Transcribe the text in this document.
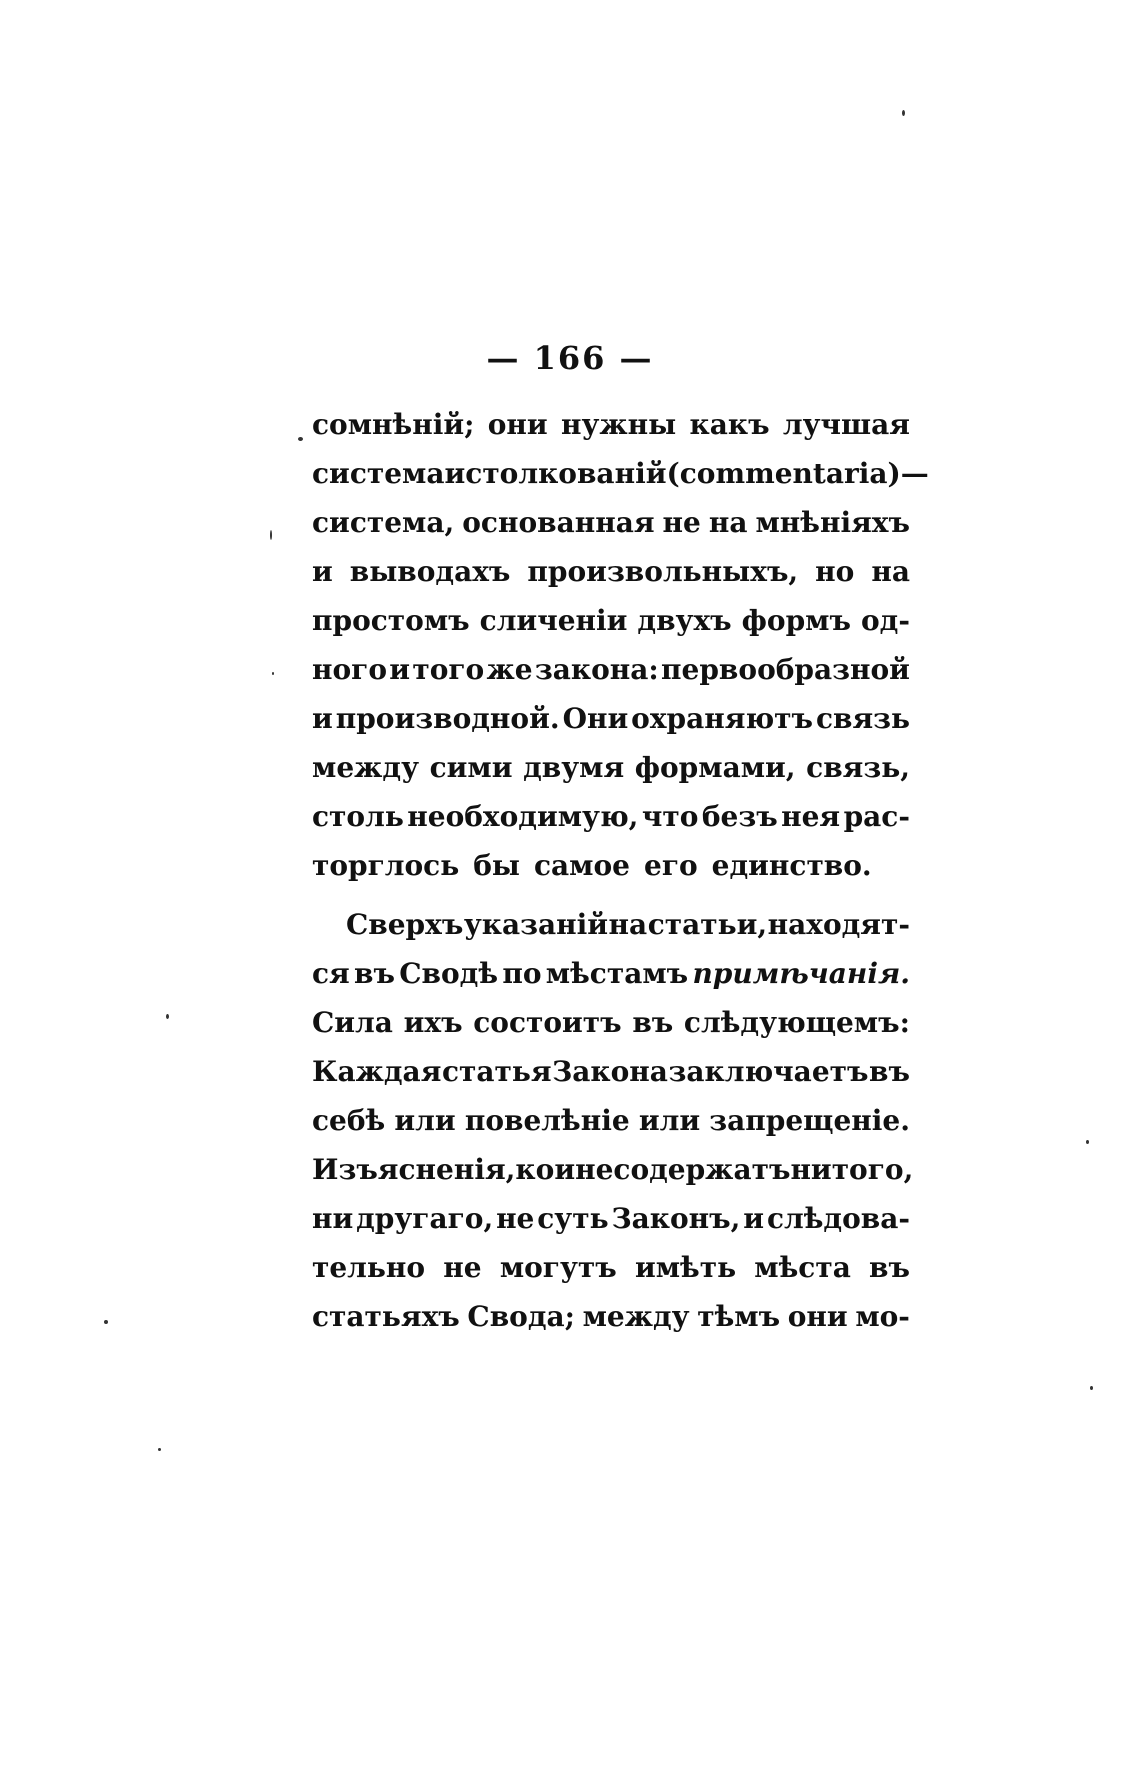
— 166 —
сомнѣній; они нужны какъ лучшая
система истолкованій (commentaria)—
система, основанная не на мнѣніяхъ
и выводахъ произвольныхъ, но на
простомъ сличеніи двухъ формъ од-
ного и того же закона: первообразной
и производной. Они охраняютъ связь
между сими двумя формами, связь,
столь необходимую, что безъ нея рас-
торглось бы самое его единство.
Сверхъ указаній на статьи, находят-
ся въ Сводѣ по мѣстамъ примѣчанія.
Сила ихъ состоитъ въ слѣдующемъ:
Каждая статья Закона заключаетъ въ
себѣ или повелѣніе или запрещеніе.
Изъясненія, кои не содержатъ ни того,
ни другаго, не суть Законъ, и слѣдова-
тельно не могутъ имѣть мѣста въ
статьяхъ Свода; между тѣмъ они мо-
